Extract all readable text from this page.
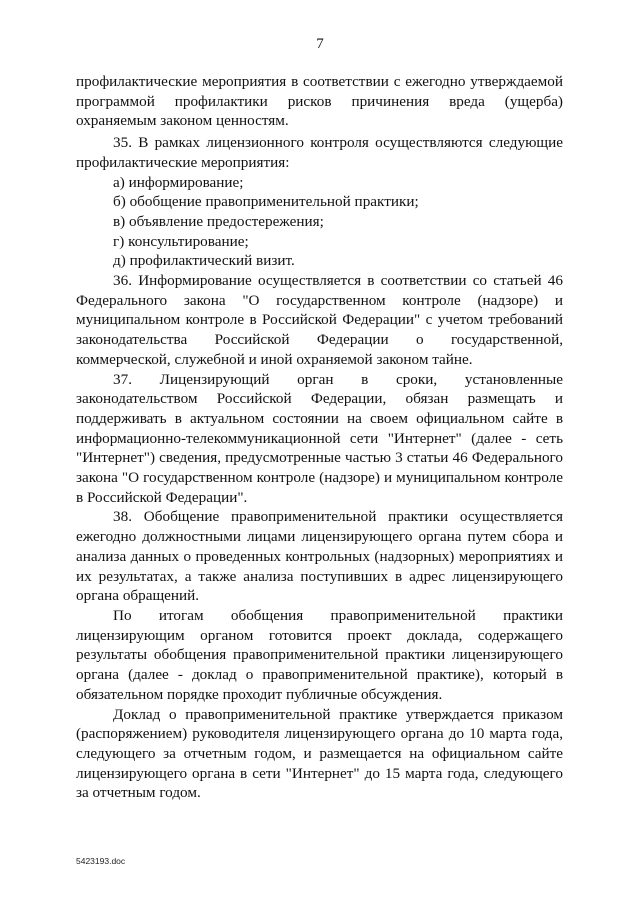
7

профилактические мероприятия в соответствии с ежегодно утверждаемой программой профилактики рисков причинения вреда (ущерба) охраняемым законом ценностям.

35. В рамках лицензионного контроля осуществляются следующие профилактические мероприятия:

а) информирование;

б) обобщение правоприменительной практики;

в) объявление предостережения;

г) консультирование;

д) профилактический визит.

36. Информирование осуществляется в соответствии со статьей 46 Федерального закона "О государственном контроле (надзоре) и муниципальном контроле в Российской Федерации" с учетом требований законодательства Российской Федерации о государственной, коммерческой, служебной и иной охраняемой законом тайне.

37. Лицензирующий орган в сроки, установленные законодательством Российской Федерации, обязан размещать и поддерживать в актуальном состоянии на своем официальном сайте в информационно-телекоммуникационной сети "Интернет" (далее - сеть "Интернет") сведения, предусмотренные частью 3 статьи 46 Федерального закона "О государственном контроле (надзоре) и муниципальном контроле в Российской Федерации".

38. Обобщение правоприменительной практики осуществляется ежегодно должностными лицами лицензирующего органа путем сбора и анализа данных о проведенных контрольных (надзорных) мероприятиях и их результатах, а также анализа поступивших в адрес лицензирующего органа обращений.

По итогам обобщения правоприменительной практики лицензирующим органом готовится проект доклада, содержащего результаты обобщения правоприменительной практики лицензирующего органа (далее - доклад о правоприменительной практике), который в обязательном порядке проходит публичные обсуждения.

Доклад о правоприменительной практике утверждается приказом (распоряжением) руководителя лицензирующего органа до 10 марта года, следующего за отчетным годом, и размещается на официальном сайте лицензирующего органа в сети "Интернет" до 15 марта года, следующего за отчетным годом.

5423193.doc
